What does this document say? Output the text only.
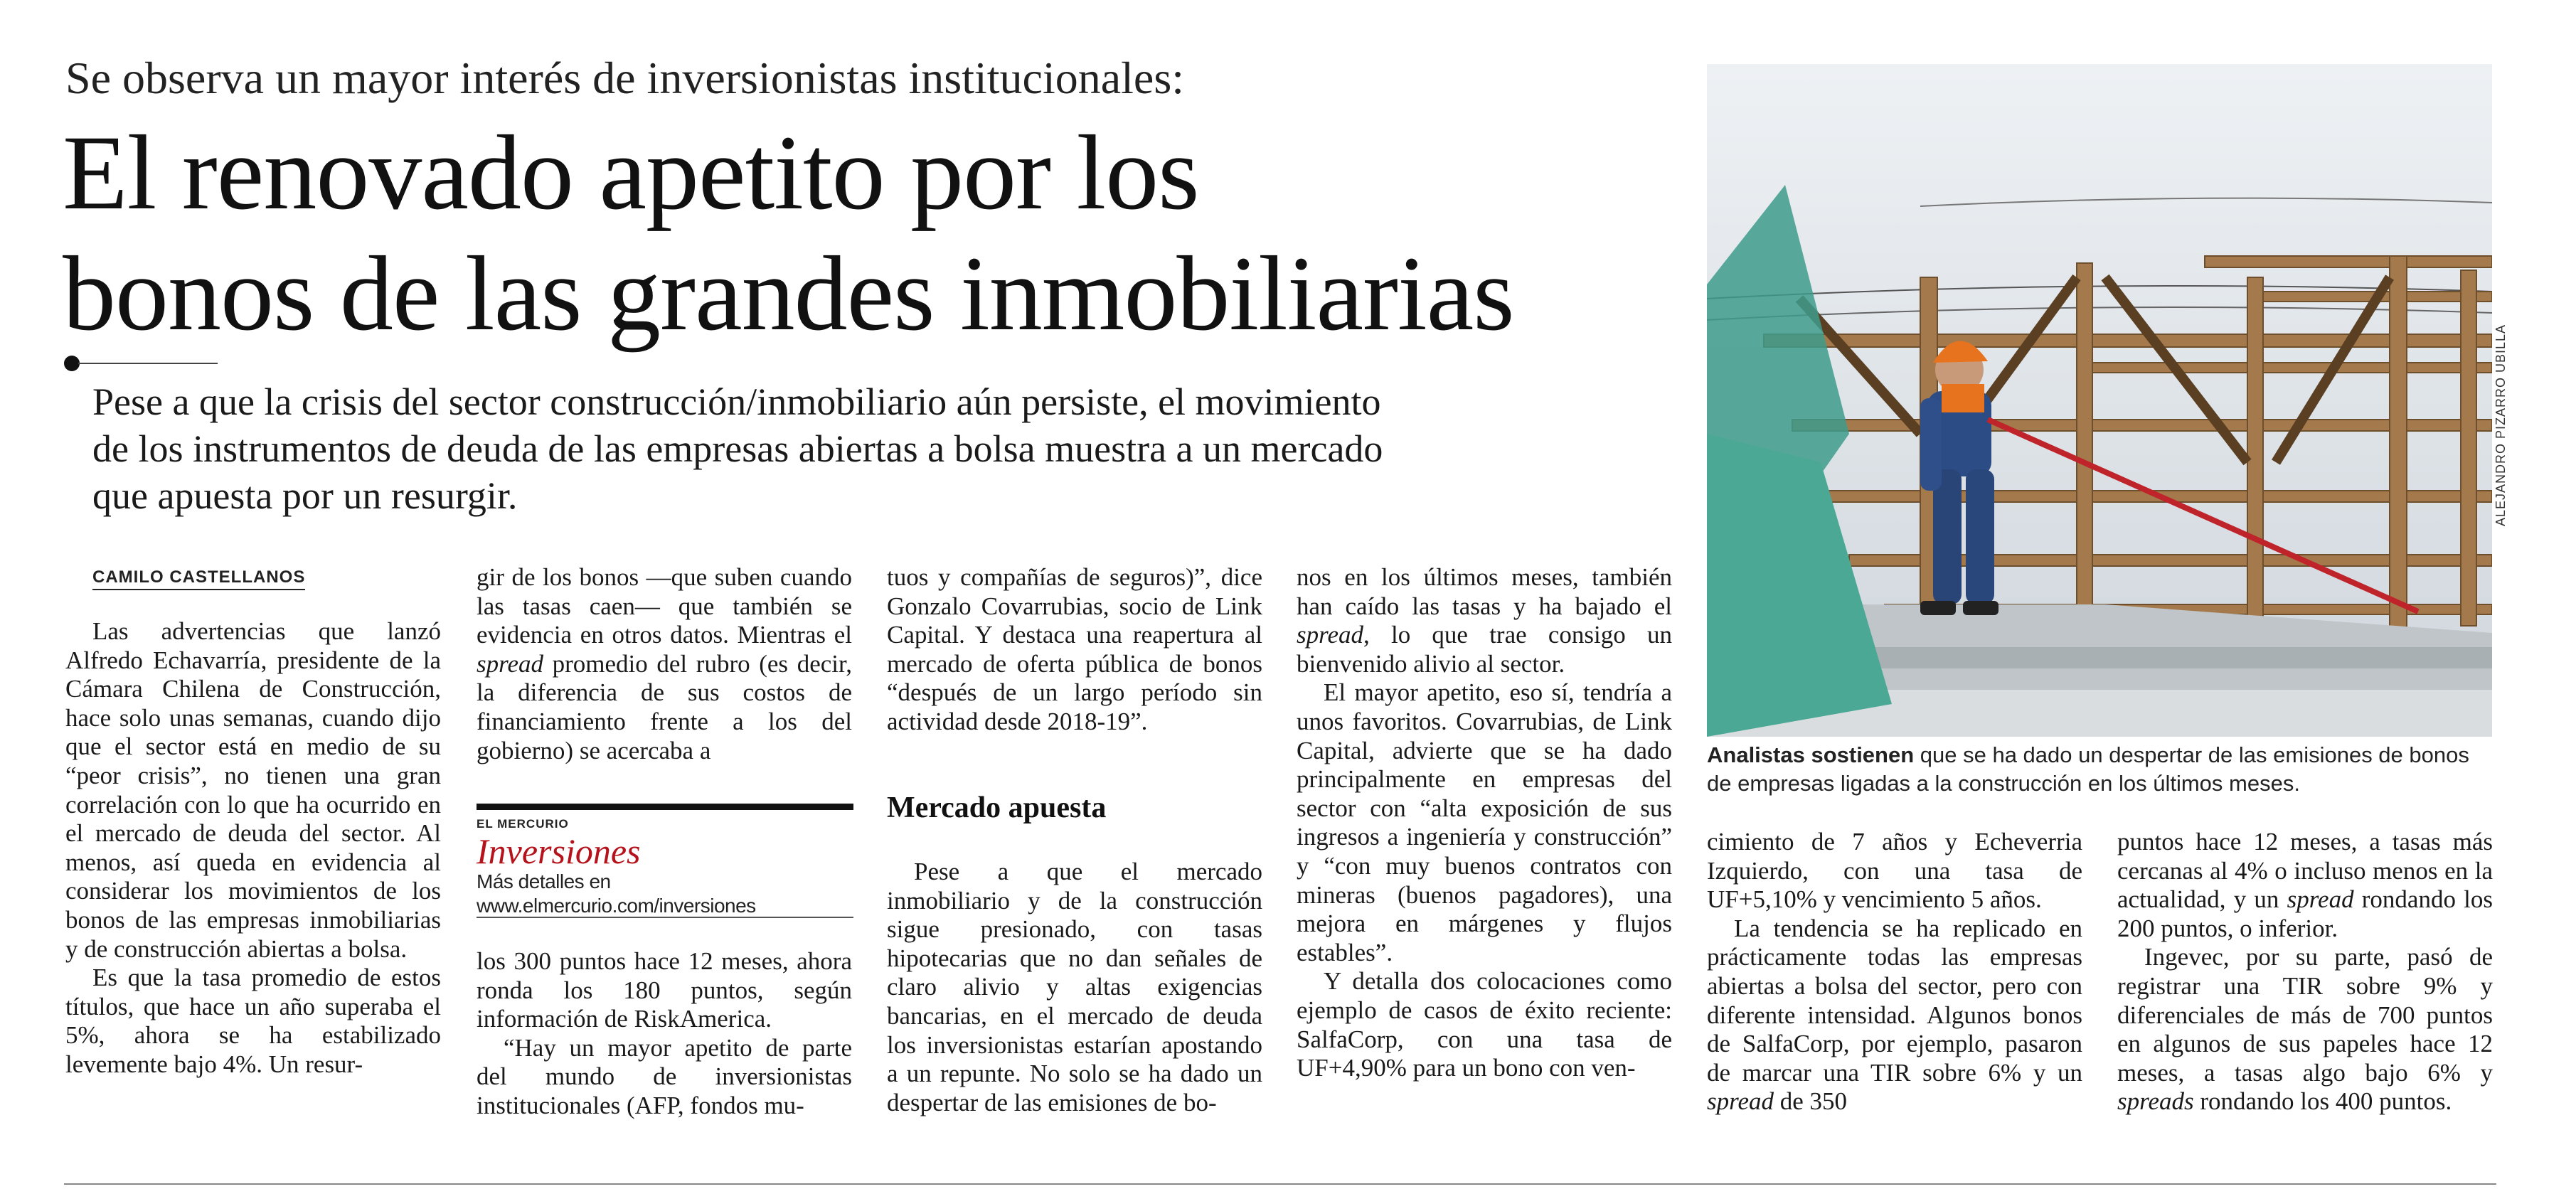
Se observa un mayor interés de inversionistas institucionales:
El renovado apetito por los
bonos de las grandes inmobiliarias
Pese a que la crisis del sector construcción/inmobiliario aún persiste, el movimiento
de los instrumentos de deuda de las empresas abiertas a bolsa muestra a un mercado
que apuesta por un resurgir.
CAMILO CASTELLANOS

Las advertencias que lanzó Alfredo Echavarría, presidente de la Cámara Chilena de Construcción, hace solo unas semanas, cuando dijo que el sector está en medio de su “peor crisis”, no tienen una gran correlación con lo que ha ocurrido en el mercado de deuda del sector. Al menos, así queda en evidencia al considerar los movimientos de los bonos de las empresas inmobiliarias y de construcción abiertas a bolsa.

Es que la tasa promedio de estos títulos, que hace un año superaba el 5%, ahora se ha estabilizado levemente bajo 4%. Un resur-

gir de los bonos —que suben cuando las tasas caen— que también se evidencia en otros datos. Mientras el spread promedio del rubro (es decir, la diferencia de sus costos de financiamiento frente a los del gobierno) se acercaba a

EL MERCURIO
Inversiones
Más detalles en
www.elmercurio.com/inversiones

los 300 puntos hace 12 meses, ahora ronda los 180 puntos, según información de RiskAmerica.

“Hay un mayor apetito de parte del mundo de inversionistas institucionales (AFP, fondos mu-

tuos y compañías de seguros)”, dice Gonzalo Covarrubias, socio de Link Capital. Y destaca una reapertura al mercado de oferta pública de bonos “después de un largo período sin actividad desde 2018-19”.

Mercado apuesta

Pese a que el mercado inmobiliario y de la construcción sigue presionado, con tasas hipotecarias que no dan señales de claro alivio y altas exigencias bancarias, en el mercado de deuda los inversionistas estarían apostando a un repunte. No solo se ha dado un despertar de las emisiones de bo-

nos en los últimos meses, también han caído las tasas y ha bajado el spread, lo que trae consigo un bienvenido alivio al sector.

El mayor apetito, eso sí, tendría a unos favoritos. Covarrubias, de Link Capital, advierte que se ha dado principalmente en empresas del sector con “alta exposición de sus ingresos a ingeniería y construcción” y “con muy buenos contratos con mineras (buenos pagadores), una mejora en márgenes y flujos estables”.

Y detalla dos colocaciones como ejemplo de casos de éxito reciente: SalfaCorp, con una tasa de UF+4,90% para un bono con ven-

ALEJANDRO PIZARRO UBILLA
Analistas sostienen que se ha dado un despertar de las emisiones de bonos de empresas ligadas a la construcción en los últimos meses.

cimiento de 7 años y Echeverria Izquierdo, con una tasa de UF+5,10% y vencimiento 5 años.

La tendencia se ha replicado en prácticamente todas las empresas abiertas a bolsa del sector, pero con diferente intensidad. Algunos bonos de SalfaCorp, por ejemplo, pasaron de marcar una TIR sobre 6% y un spread de 350

puntos hace 12 meses, a tasas más cercanas al 4% o incluso menos en la actualidad, y un spread rondando los 200 puntos, o inferior.

Ingevec, por su parte, pasó de registrar una TIR sobre 9% y diferenciales de más de 700 puntos en algunos de sus papeles hace 12 meses, a tasas algo bajo 6% y spreads rondando los 400 puntos.
